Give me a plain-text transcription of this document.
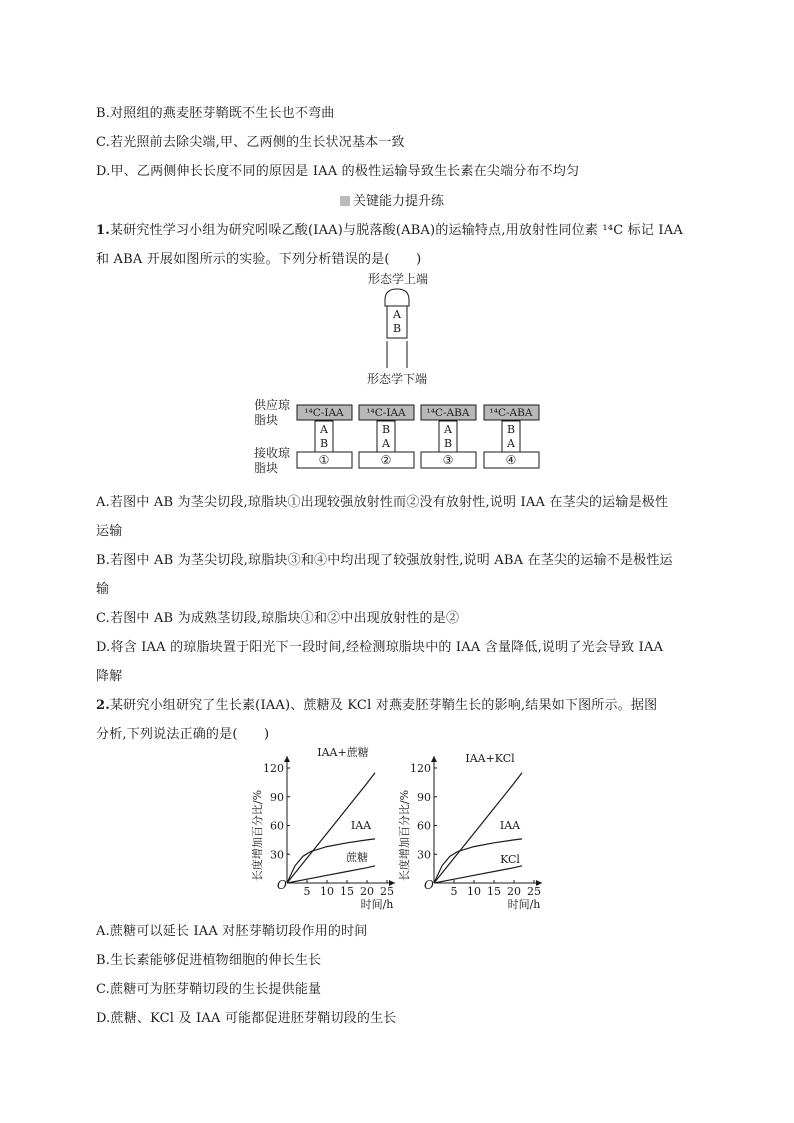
B.对照组的燕麦胚芽鞘既不生长也不弯曲
C.若光照前去除尖端,甲、乙两侧的生长状况基本一致
D.甲、乙两侧伸长长度不同的原因是 IAA 的极性运输导致生长素在尖端分布不均匀
关键能力提升练
1.某研究性学习小组为研究吲哚乙酸(IAA)与脱落酸(ABA)的运输特点,用放射性同位素 ¹⁴C 标记 IAA
和 ABA 开展如图所示的实验。下列分析错误的是(　　)
形态学上端
A
B
形态学下端
供应琼脂块
接收琼脂块
¹⁴C-IAA
A
B
①
¹⁴C-IAA
B
A
②
¹⁴C-ABA
A
B
③
¹⁴C-ABA
B
A
④
A.若图中 AB 为茎尖切段,琼脂块①出现较强放射性而②没有放射性,说明 IAA 在茎尖的运输是极性
运输
B.若图中 AB 为茎尖切段,琼脂块③和④中均出现了较强放射性,说明 ABA 在茎尖的运输不是极性运
输
C.若图中 AB 为成熟茎切段,琼脂块①和②中出现放射性的是②
D.将含 IAA 的琼脂块置于阳光下一段时间,经检测琼脂块中的 IAA 含量降低,说明了光会导致 IAA
降解
2.某研究小组研究了生长素(IAA)、蔗糖及 KCl 对燕麦胚芽鞘生长的影响,结果如下图所示。据图
分析,下列说法正确的是(　　)
5 10 15 20 25
30
60
90
120
O
时间/h
长度增加百分比/%
IAA+蔗糖
IAA
蔗糖
5 10 15 20 25
30
60
90
120
O
时间/h
长度增加百分比/%
IAA+KCl
IAA
KCl
A.蔗糖可以延长 IAA 对胚芽鞘切段作用的时间
B.生长素能够促进植物细胞的伸长生长
C.蔗糖可为胚芽鞘切段的生长提供能量
D.蔗糖、KCl 及 IAA 可能都促进胚芽鞘切段的生长
